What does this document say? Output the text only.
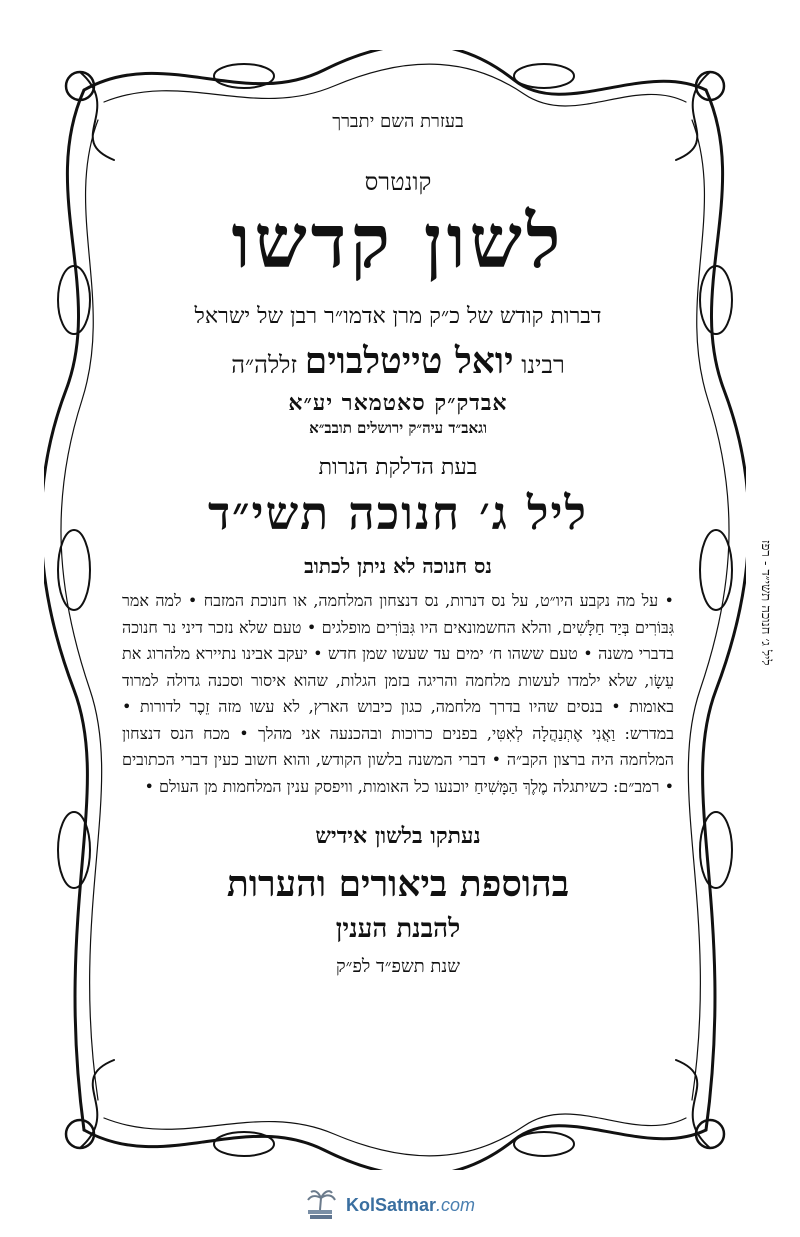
בעזרת השם יתברך

קונטרס

לשון קדשו

דברות קודש של כ״ק מרן אדמו״ר רבן של ישראל

רבינו יואל טייטלבוים זללה״ה

אבדק״ק סאטמאר יע״א

וגאב״ד עיה״ק ירושלים תובב״א

בעת הדלקת הנרות

ליל ג׳ חנוכה תשי״ד

נס חנוכה לא ניתן לכתוב

• על מה נקבע היו״ט, על נס דנרות, נס דנצחון המלחמה, או חנוכת המזבח • למה אמר גִּבּוֹרִים בְּיַד חַלָּשִׁים, והלא החשמונאים היו גִּבּוֹרִים מופלגים • טעם שלא נזכר דיני נר חנוכה בדברי משנה • טעם ששהו ח׳ ימים עד שעשו שמן חדש • יעקב אבינו נתיירא מלהרוג את עֵשָׂו, שלא ילמדו לעשות מלחמה והריגה בזמן הגלות, שהוא איסור וסכנה גדולה למרוד באומות • בנסים שהיו בדרך מלחמה, כגון כיבוש הארץ, לא עשו מזה זֵכֶר לדורות • במדרש: וַאֲנִי אֶתְנַהֲלָה לְאִטִּי, בפנים כרוכות ובהכנעה אני מהלך • מכח הנס דנצחון המלחמה היה ברצון הקב״ה • דברי המשנה בלשון הקודש, והוא חשוב כעין דברי הכתובים • רמב״ם: כשיתגלה מֶלֶךְ הַמָּשִׁיחַ יוכנעו כל האומות, וויפסק ענין המלחמות מן העולם •

נעתקו בלשון אידיש

בהוספת ביאורים והערות

להבנת הענין

שנת תשפ״ד לפ״ק

ליל ג׳ חנוכה תשי״ד - רפז
KolSatmar.com
